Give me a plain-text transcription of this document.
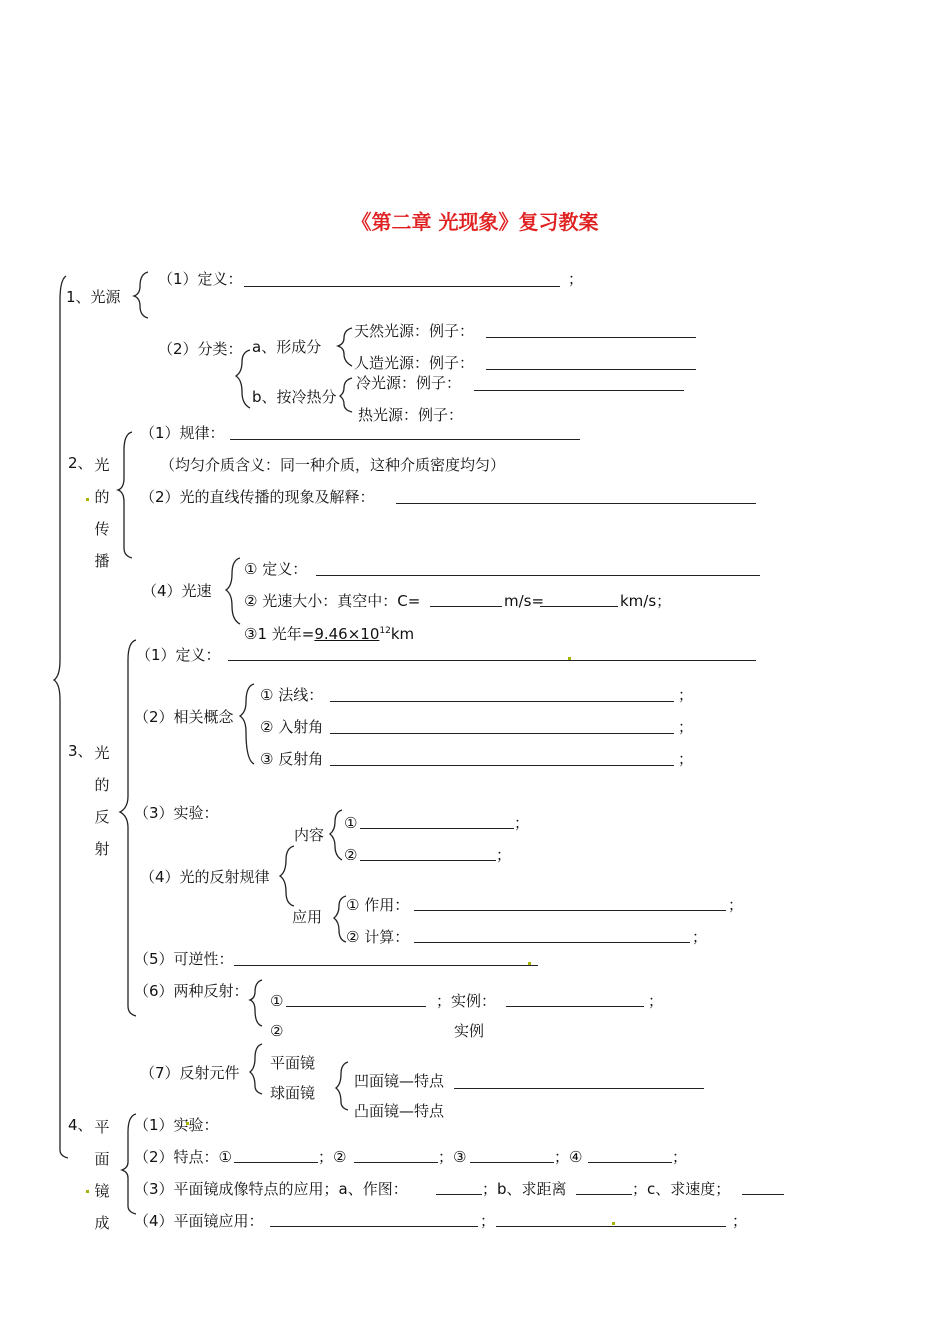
《第二章 光现象》复习教案
1、光源
（1）定义：	；
（2）分类： a、形成分
天然光源：例子：
人造光源：例子：
b、按冷热分
冷光源：例子：
热光源：例子：
2、 光
的
传
播
（1）规律：
（均匀介质含义：同一种介质，这种介质密度均匀）
（2）光的直线传播的现象及解释：
（4）光速
① 定义：
② 光速大小：真空中：C=	m/s=	km/s；
③1 光年$=9.46\times 10^{12}km$
3、 光
的
反
射
（1）定义：
（2）相关概念
① 法线：	；
② 入射角	；
③ 反射角	；
（3）实验：
（4）光的反射规律
内容
①	；
②	；
应用
① 作用：	；
② 计算：	；
（5）可逆性：
（6）两种反射：
①	；实例：	；
②	实例
（7）反射元件
平面镜
球面镜
凹面镜—特点
凸面镜—特点
4、 平
面
镜
成
（1）实验：
（2）特点：①	；②	；③	；④	；
（3）平面镜成像特点的应用；a、作图：	；b、求距离	；c、求速度；
（4）平面镜应用：	；	；
